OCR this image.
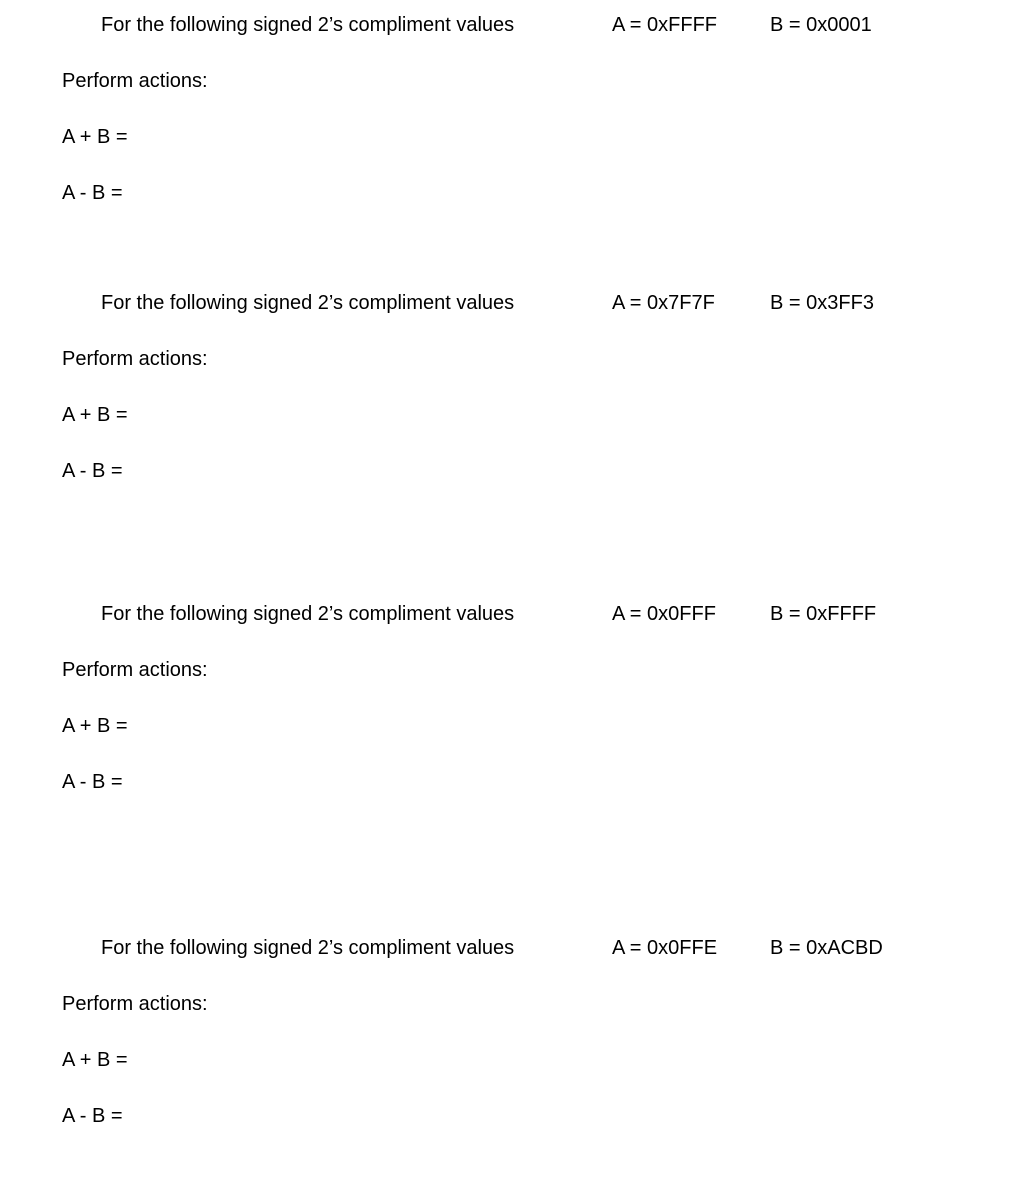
For the following signed 2’s compliment values	A = 0xFFFF	B = 0x0001
Perform actions:
A + B =
A - B =
For the following signed 2’s compliment values	A = 0x7F7F	B = 0x3FF3
Perform actions:
A + B =
A - B =
For the following signed 2’s compliment values	A = 0x0FFF	B = 0xFFFF
Perform actions:
A + B =
A - B =
For the following signed 2’s compliment values	A = 0x0FFE	B = 0xACBD
Perform actions:
A + B =
A - B =
